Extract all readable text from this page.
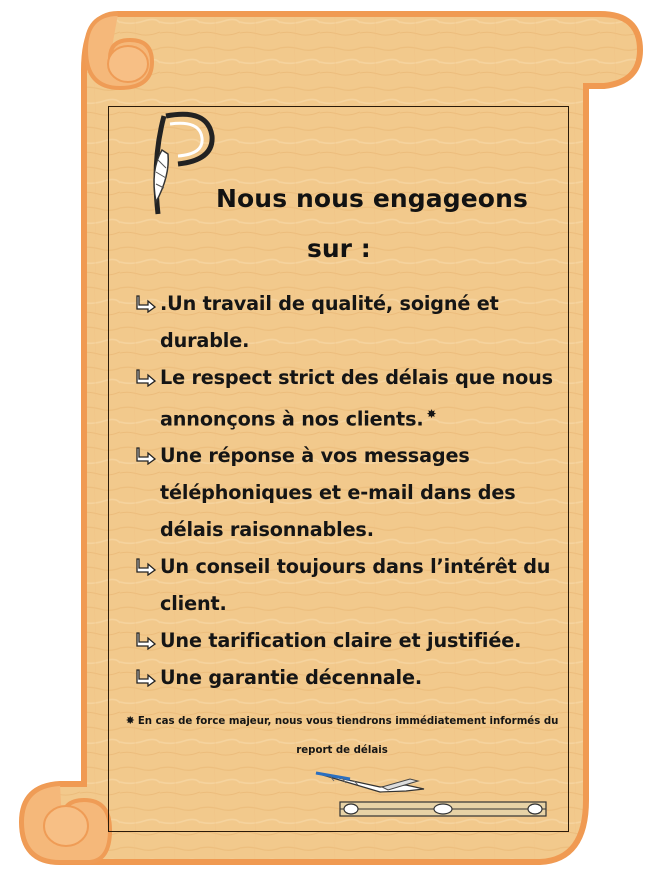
Nous nous engageons
sur :
.Un travail de qualité, soigné et durable.
Le respect strict des délais que nous annonçons à nos clients. ✸
Une réponse à vos messages téléphoniques et e-mail dans des délais raisonnables.
Un conseil toujours dans l’intérêt du client.
Une tarification claire et justifiée.
Une garantie décennale.
✸ En cas de force majeur, nous vous tiendrons immédiatement informés du
report de délais
